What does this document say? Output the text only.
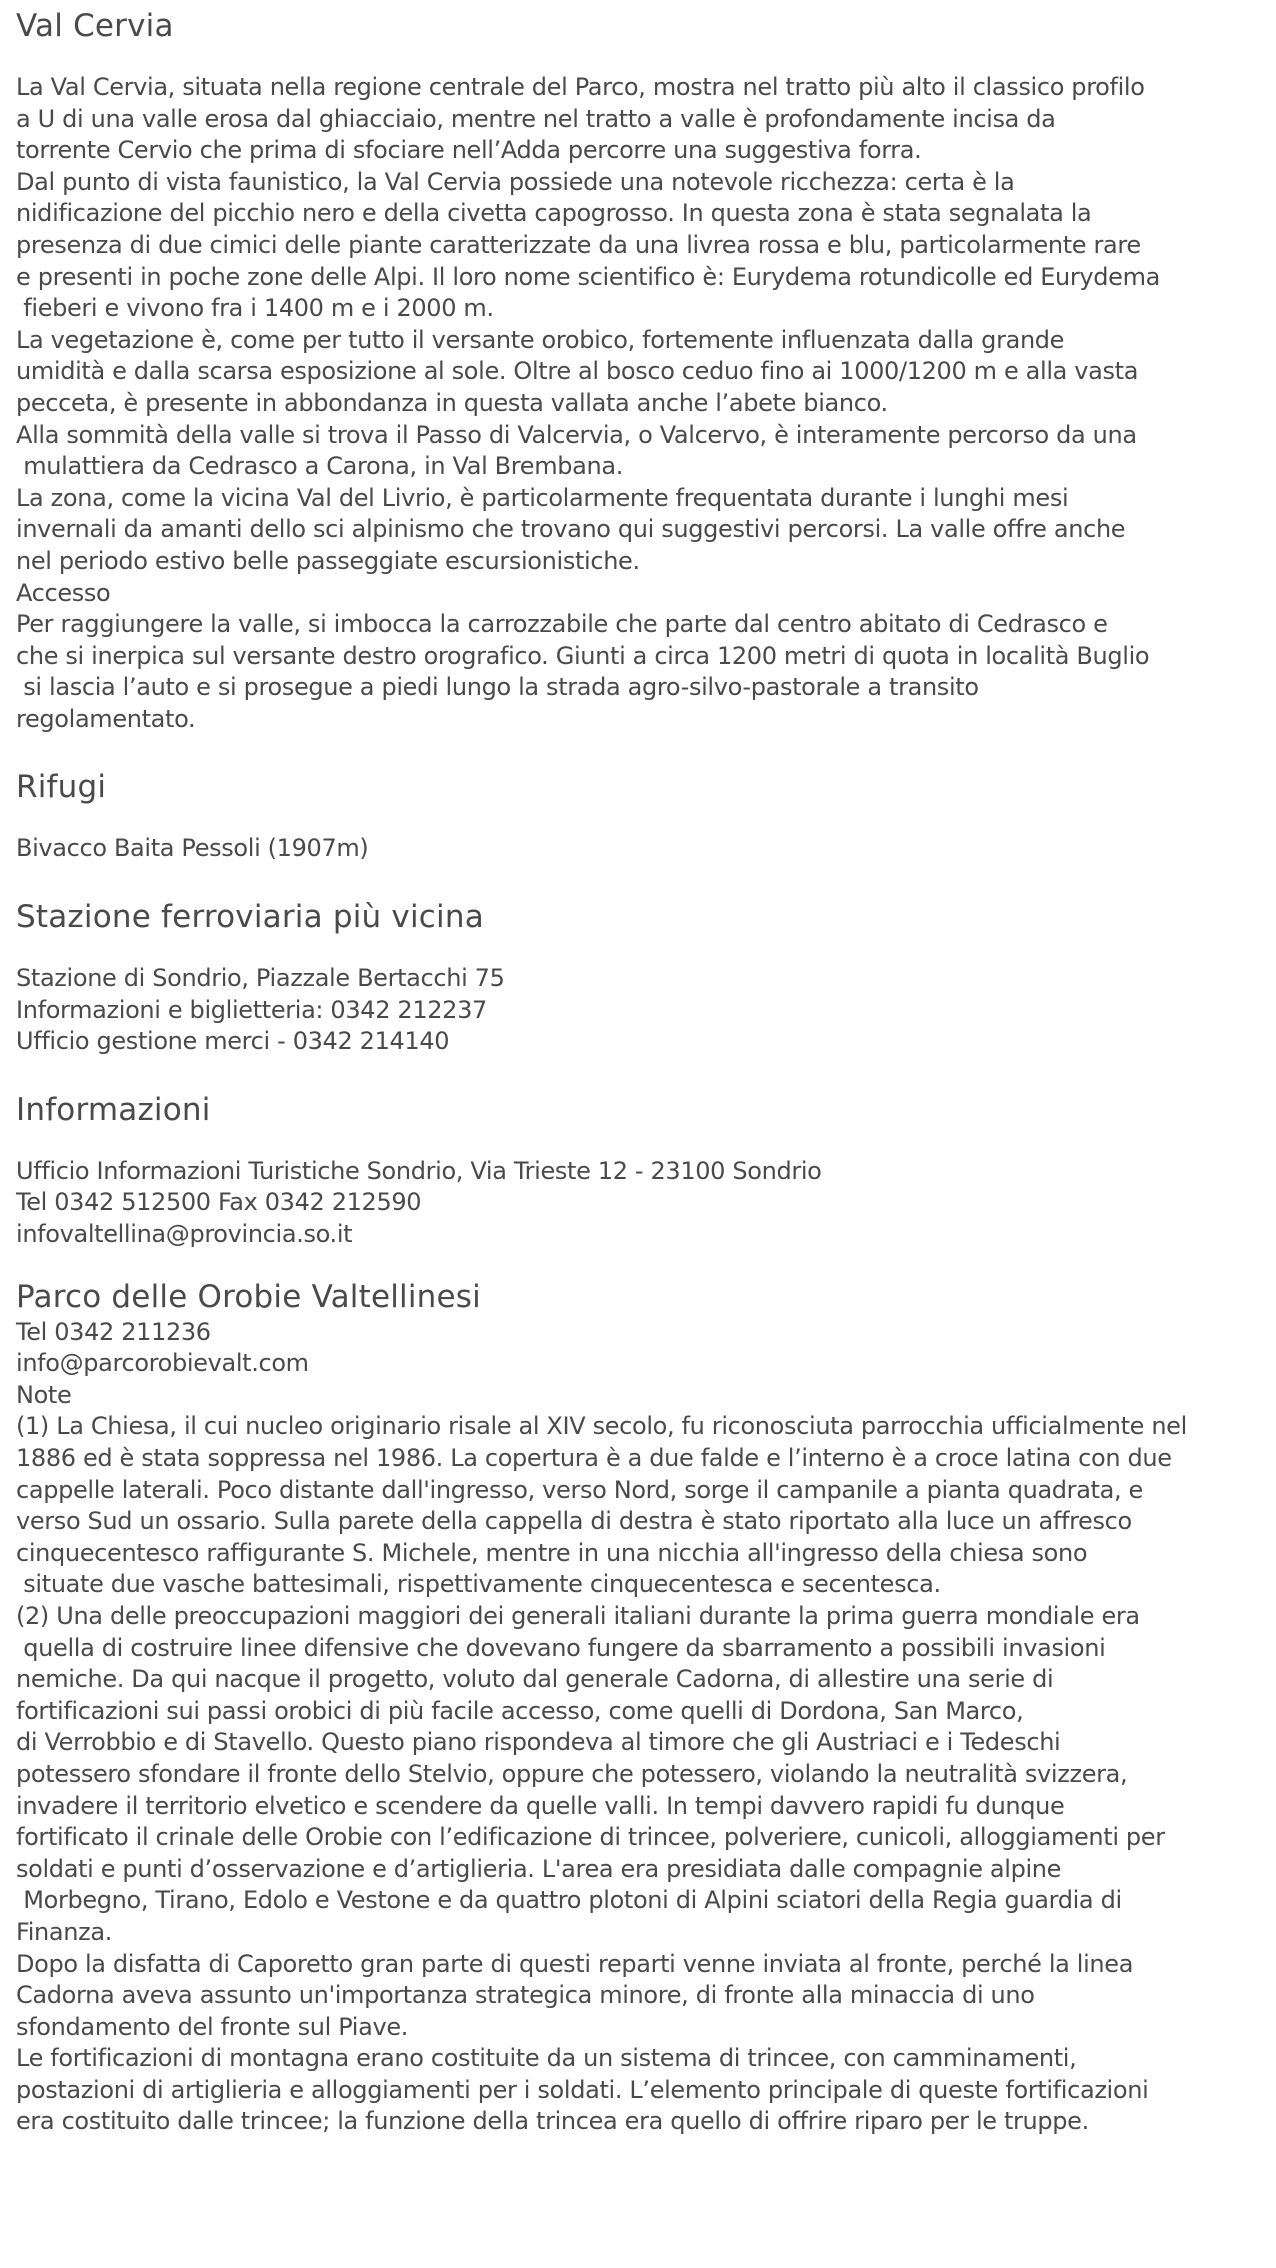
Val Cervia
La Val Cervia, situata nella regione centrale del Parco, mostra nel tratto più alto il classico profilo
a U di una valle erosa dal ghiacciaio, mentre nel tratto a valle è profondamente incisa da
torrente Cervio che prima di sfociare nell’Adda percorre una suggestiva forra.
Dal punto di vista faunistico, la Val Cervia possiede una notevole ricchezza: certa è la
nidificazione del picchio nero e della civetta capogrosso. In questa zona è stata segnalata la
presenza di due cimici delle piante caratterizzate da una livrea rossa e blu, particolarmente rare
e presenti in poche zone delle Alpi. Il loro nome scientifico è: Eurydema rotundicolle ed Eurydema
fieberi e vivono fra i 1400 m e i 2000 m.
La vegetazione è, come per tutto il versante orobico, fortemente influenzata dalla grande
umidità e dalla scarsa esposizione al sole. Oltre al bosco ceduo fino ai 1000/1200 m e alla vasta
pecceta, è presente in abbondanza in questa vallata anche l’abete bianco.
Alla sommità della valle si trova il Passo di Valcervia, o Valcervo, è interamente percorso da una
mulattiera da Cedrasco a Carona, in Val Brembana.
La zona, come la vicina Val del Livrio, è particolarmente frequentata durante i lunghi mesi
invernali da amanti dello sci alpinismo che trovano qui suggestivi percorsi. La valle offre anche
nel periodo estivo belle passeggiate escursionistiche.
Accesso
Per raggiungere la valle, si imbocca la carrozzabile che parte dal centro abitato di Cedrasco e
che si inerpica sul versante destro orografico. Giunti a circa 1200 metri di quota in località Buglio
si lascia l’auto e si prosegue a piedi lungo la strada agro-silvo-pastorale a transito
regolamentato.
Rifugi
Bivacco Baita Pessoli (1907m)
Stazione ferroviaria più vicina
Stazione di Sondrio, Piazzale Bertacchi 75
Informazioni e biglietteria: 0342 212237
Ufficio gestione merci - 0342 214140
Informazioni
Ufficio Informazioni Turistiche Sondrio, Via Trieste 12 - 23100 Sondrio
Tel 0342 512500 Fax 0342 212590
infovaltellina@provincia.so.it
Parco delle Orobie Valtellinesi
Tel 0342 211236
info@parcorobievalt.com
Note
(1) La Chiesa, il cui nucleo originario risale al XIV secolo, fu riconosciuta parrocchia ufficialmente nel
1886 ed è stata soppressa nel 1986. La copertura è a due falde e l’interno è a croce latina con due
cappelle laterali. Poco distante dall'ingresso, verso Nord, sorge il campanile a pianta quadrata, e
verso Sud un ossario. Sulla parete della cappella di destra è stato riportato alla luce un affresco
cinquecentesco raffigurante S. Michele, mentre in una nicchia all'ingresso della chiesa sono
situate due vasche battesimali, rispettivamente cinquecentesca e secentesca.
(2) Una delle preoccupazioni maggiori dei generali italiani durante la prima guerra mondiale era
quella di costruire linee difensive che dovevano fungere da sbarramento a possibili invasioni
nemiche. Da qui nacque il progetto, voluto dal generale Cadorna, di allestire una serie di
fortificazioni sui passi orobici di più facile accesso, come quelli di Dordona, San Marco,
di Verrobbio e di Stavello. Questo piano rispondeva al timore che gli Austriaci e i Tedeschi
potessero sfondare il fronte dello Stelvio, oppure che potessero, violando la neutralità svizzera,
invadere il territorio elvetico e scendere da quelle valli. In tempi davvero rapidi fu dunque
fortificato il crinale delle Orobie con l’edificazione di trincee, polveriere, cunicoli, alloggiamenti per
soldati e punti d’osservazione e d’artiglieria. L'area era presidiata dalle compagnie alpine
Morbegno, Tirano, Edolo e Vestone e da quattro plotoni di Alpini sciatori della Regia guardia di
Finanza.
Dopo la disfatta di Caporetto gran parte di questi reparti venne inviata al fronte, perché la linea
Cadorna aveva assunto un'importanza strategica minore, di fronte alla minaccia di uno
sfondamento del fronte sul Piave.
Le fortificazioni di montagna erano costituite da un sistema di trincee, con camminamenti,
postazioni di artiglieria e alloggiamenti per i soldati. L’elemento principale di queste fortificazioni
era costituito dalle trincee; la funzione della trincea era quello di offrire riparo per le truppe.
